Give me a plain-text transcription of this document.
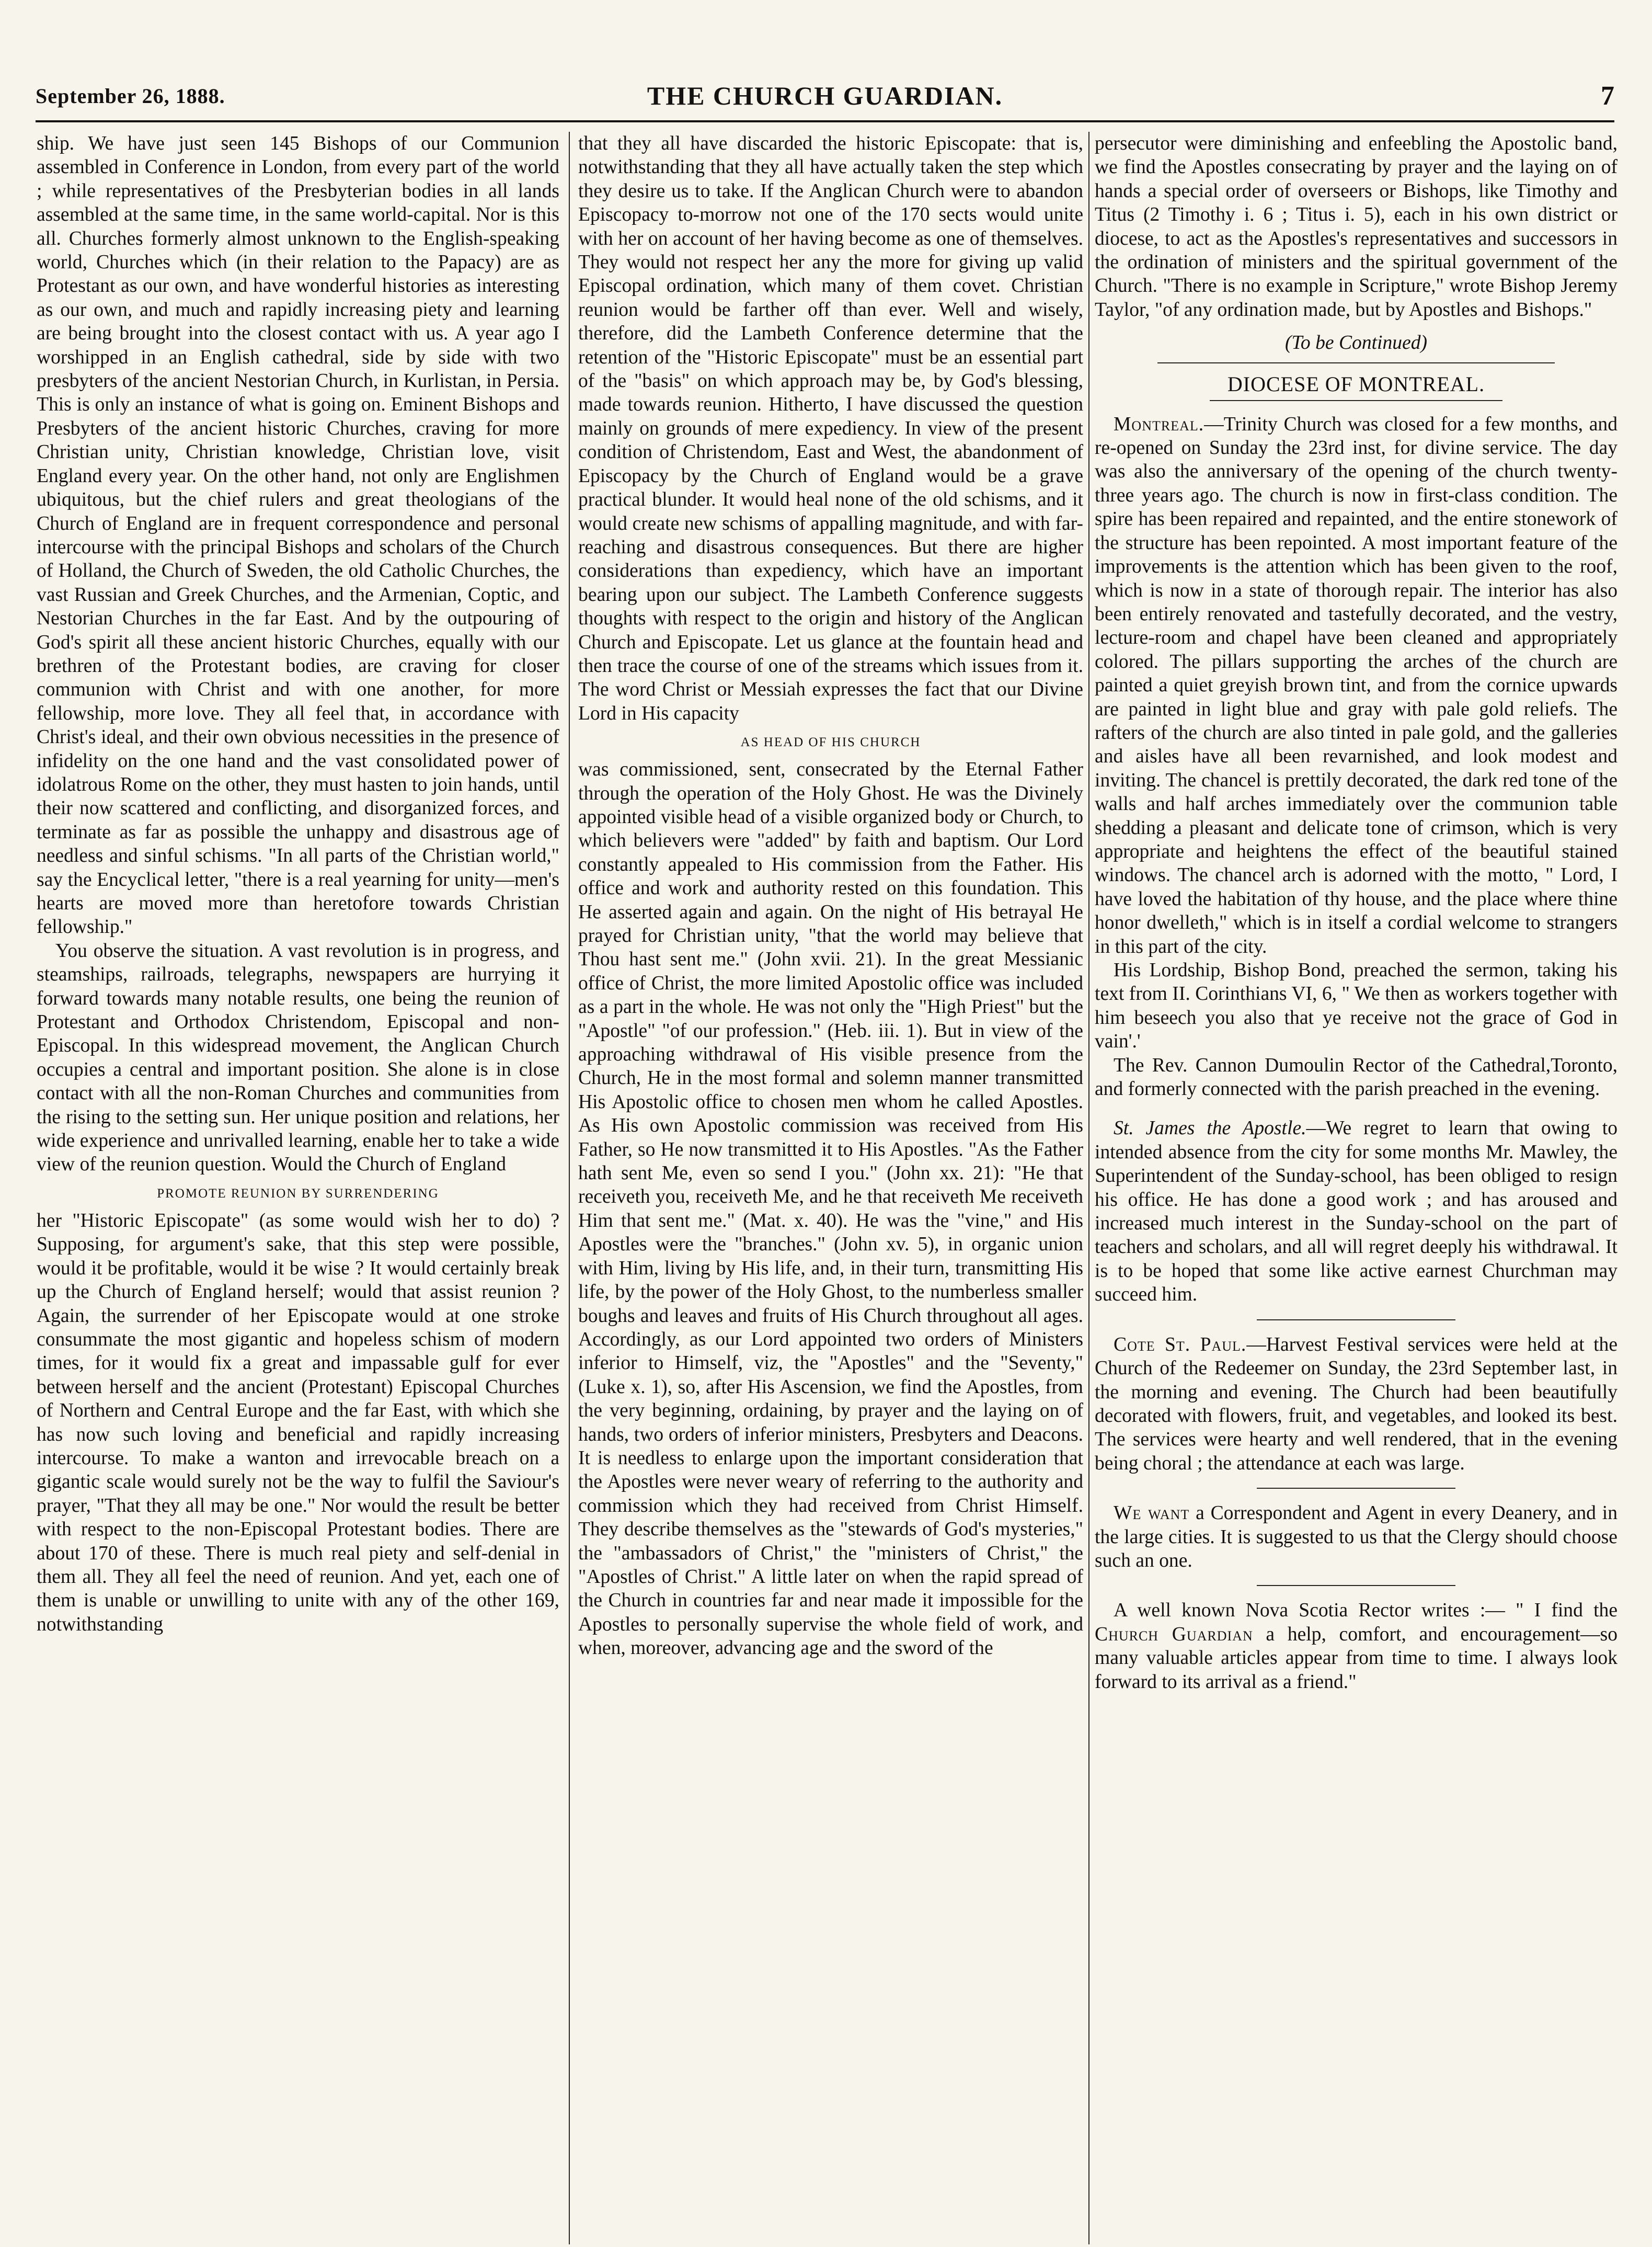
September 26, 1888.	THE CHURCH GUARDIAN.	7

ship. We have just seen 145 Bishops of our Communion assembled in Conference in London, from every part of the world ; while representatives of the Presbyterian bodies in all lands assembled at the same time, in the same world-capital. Nor is this all. Churches formerly almost unknown to the English-speaking world, Churches which (in their relation to the Papacy) are as Protestant as our own, and have wonderful histories as interesting as our own, and much and rapidly increasing piety and learning are being brought into the closest contact with us. A year ago I worshipped in an English cathedral, side by side with two presbyters of the ancient Nestorian Church, in Kurlistan, in Persia. This is only an instance of what is going on. Eminent Bishops and Presbyters of the ancient historic Churches, craving for more Christian unity, Christian knowledge, Christian love, visit England every year. On the other hand, not only are Englishmen ubiquitous, but the chief rulers and great theologians of the Church of England are in frequent correspondence and personal intercourse with the principal Bishops and scholars of the Church of Holland, the Church of Sweden, the old Catholic Churches, the vast Russian and Greek Churches, and the Armenian, Coptic, and Nestorian Churches in the far East. And by the outpouring of God's spirit all these ancient historic Churches, equally with our brethren of the Protestant bodies, are craving for closer communion with Christ and with one another, for more fellowship, more love. They all feel that, in accordance with Christ's ideal, and their own obvious necessities in the presence of infidelity on the one hand and the vast consolidated power of idolatrous Rome on the other, they must hasten to join hands, until their now scattered and conflicting, and disorganized forces, and terminate as far as possible the unhappy and disastrous age of needless and sinful schisms. "In all parts of the Christian world," say the Encyclical letter, "there is a real yearning for unity—men's hearts are moved more than heretofore towards Christian fellowship."

You observe the situation. A vast revolution is in progress, and steamships, railroads, telegraphs, newspapers are hurrying it forward towards many notable results, one being the reunion of Protestant and Orthodox Christendom, Episcopal and non-Episcopal. In this widespread movement, the Anglican Church occupies a central and important position. She alone is in close contact with all the non-Roman Churches and communities from the rising to the setting sun. Her unique position and relations, her wide experience and unrivalled learning, enable her to take a wide view of the reunion question. Would the Church of England

PROMOTE REUNION BY SURRENDERING

her "Historic Episcopate" (as some would wish her to do) ? Supposing, for argument's sake, that this step were possible, would it be profitable, would it be wise ? It would certainly break up the Church of England herself; would that assist reunion ? Again, the surrender of her Episcopate would at one stroke consummate the most gigantic and hopeless schism of modern times, for it would fix a great and impassable gulf for ever between herself and the ancient (Protestant) Episcopal Churches of Northern and Central Europe and the far East, with which she has now such loving and beneficial and rapidly increasing intercourse. To make a wanton and irrevocable breach on a gigantic scale would surely not be the way to fulfil the Saviour's prayer, "That they all may be one." Nor would the result be better with respect to the non-Episcopal Protestant bodies. There are about 170 of these. There is much real piety and self-denial in them all. They all feel the need of reunion. And yet, each one of them is unable or unwilling to unite with any of the other 169, notwithstanding

that they all have discarded the historic Episcopate: that is, notwithstanding that they all have actually taken the step which they desire us to take. If the Anglican Church were to abandon Episcopacy to-morrow not one of the 170 sects would unite with her on account of her having become as one of themselves. They would not respect her any the more for giving up valid Episcopal ordination, which many of them covet. Christian reunion would be farther off than ever. Well and wisely, therefore, did the Lambeth Conference determine that the retention of the "Historic Episcopate" must be an essential part of the "basis" on which approach may be, by God's blessing, made towards reunion. Hitherto, I have discussed the question mainly on grounds of mere expediency. In view of the present condition of Christendom, East and West, the abandonment of Episcopacy by the Church of England would be a grave practical blunder. It would heal none of the old schisms, and it would create new schisms of appalling magnitude, and with far-reaching and disastrous consequences. But there are higher considerations than expediency, which have an important bearing upon our subject. The Lambeth Conference suggests thoughts with respect to the origin and history of the Anglican Church and Episcopate. Let us glance at the fountain head and then trace the course of one of the streams which issues from it. The word Christ or Messiah expresses the fact that our Divine Lord in His capacity

AS HEAD OF HIS CHURCH

was commissioned, sent, consecrated by the Eternal Father through the operation of the Holy Ghost. He was the Divinely appointed visible head of a visible organized body or Church, to which believers were "added" by faith and baptism. Our Lord constantly appealed to His commission from the Father. His office and work and authority rested on this foundation. This He asserted again and again. On the night of His betrayal He prayed for Christian unity, "that the world may believe that Thou hast sent me." (John xvii. 21). In the great Messianic office of Christ, the more limited Apostolic office was included as a part in the whole. He was not only the "High Priest" but the "Apostle" "of our profession." (Heb. iii. 1). But in view of the approaching withdrawal of His visible presence from the Church, He in the most formal and solemn manner transmitted His Apostolic office to chosen men whom he called Apostles. As His own Apostolic commission was received from His Father, so He now transmitted it to His Apostles. "As the Father hath sent Me, even so send I you." (John xx. 21): "He that receiveth you, receiveth Me, and he that receiveth Me receiveth Him that sent me." (Mat. x. 40). He was the "vine," and His Apostles were the "branches." (John xv. 5), in organic union with Him, living by His life, and, in their turn, transmitting His life, by the power of the Holy Ghost, to the numberless smaller boughs and leaves and fruits of His Church throughout all ages. Accordingly, as our Lord appointed two orders of Ministers inferior to Himself, viz, the "Apostles" and the "Seventy," (Luke x. 1), so, after His Ascension, we find the Apostles, from the very beginning, ordaining, by prayer and the laying on of hands, two orders of inferior ministers, Presbyters and Deacons. It is needless to enlarge upon the important consideration that the Apostles were never weary of referring to the authority and commission which they had received from Christ Himself. They describe themselves as the "stewards of God's mysteries," the "ambassadors of Christ," the "ministers of Christ," the "Apostles of Christ." A little later on when the rapid spread of the Church in countries far and near made it impossible for the Apostles to personally supervise the whole field of work, and when, moreover, advancing age and the sword of the

persecutor were diminishing and enfeebling the Apostolic band, we find the Apostles consecrating by prayer and the laying on of hands a special order of overseers or Bishops, like Timothy and Titus (2 Timothy i. 6 ; Titus i. 5), each in his own district or diocese, to act as the Apostles's representatives and successors in the ordination of ministers and the spiritual government of the Church. "There is no example in Scripture," wrote Bishop Jeremy Taylor, "of any ordination made, but by Apostles and Bishops."

(To be Continued)
DIOCESE OF MONTREAL.

Montreal.—Trinity Church was closed for a few months, and re-opened on Sunday the 23rd inst, for divine service. The day was also the anniversary of the opening of the church twenty-three years ago. The church is now in first-class condition. The spire has been repaired and repainted, and the entire stonework of the structure has been repointed. A most important feature of the improvements is the attention which has been given to the roof, which is now in a state of thorough repair. The interior has also been entirely renovated and tastefully decorated, and the vestry, lecture-room and chapel have been cleaned and appropriately colored. The pillars supporting the arches of the church are painted a quiet greyish brown tint, and from the cornice upwards are painted in light blue and gray with pale gold reliefs. The rafters of the church are also tinted in pale gold, and the galleries and aisles have all been revarnished, and look modest and inviting. The chancel is prettily decorated, the dark red tone of the walls and half arches immediately over the communion table shedding a pleasant and delicate tone of crimson, which is very appropriate and heightens the effect of the beautiful stained windows. The chancel arch is adorned with the motto, " Lord, I have loved the habitation of thy house, and the place where thine honor dwelleth," which is in itself a cordial welcome to strangers in this part of the city.

His Lordship, Bishop Bond, preached the sermon, taking his text from II. Corinthians VI, 6, " We then as workers together with him beseech you also that ye receive not the grace of God in vain'.'

The Rev. Cannon Dumoulin Rector of the Cathedral,Toronto, and formerly connected with the parish preached in the evening.

St. James the Apostle.—We regret to learn that owing to intended absence from the city for some months Mr. Mawley, the Superintendent of the Sunday-school, has been obliged to resign his office. He has done a good work ; and has aroused and increased much interest in the Sunday-school on the part of teachers and scholars, and all will regret deeply his withdrawal. It is to be hoped that some like active earnest Churchman may succeed him.

Cote St. Paul.—Harvest Festival services were held at the Church of the Redeemer on Sunday, the 23rd September last, in the morning and evening. The Church had been beautifully decorated with flowers, fruit, and vegetables, and looked its best. The services were hearty and well rendered, that in the evening being choral ; the attendance at each was large.

We want a Correspondent and Agent in every Deanery, and in the large cities. It is suggested to us that the Clergy should choose such an one.

A well known Nova Scotia Rector writes :— " I find the Church Guardian a help, comfort, and encouragement—so many valuable articles appear from time to time. I always look forward to its arrival as a friend."
